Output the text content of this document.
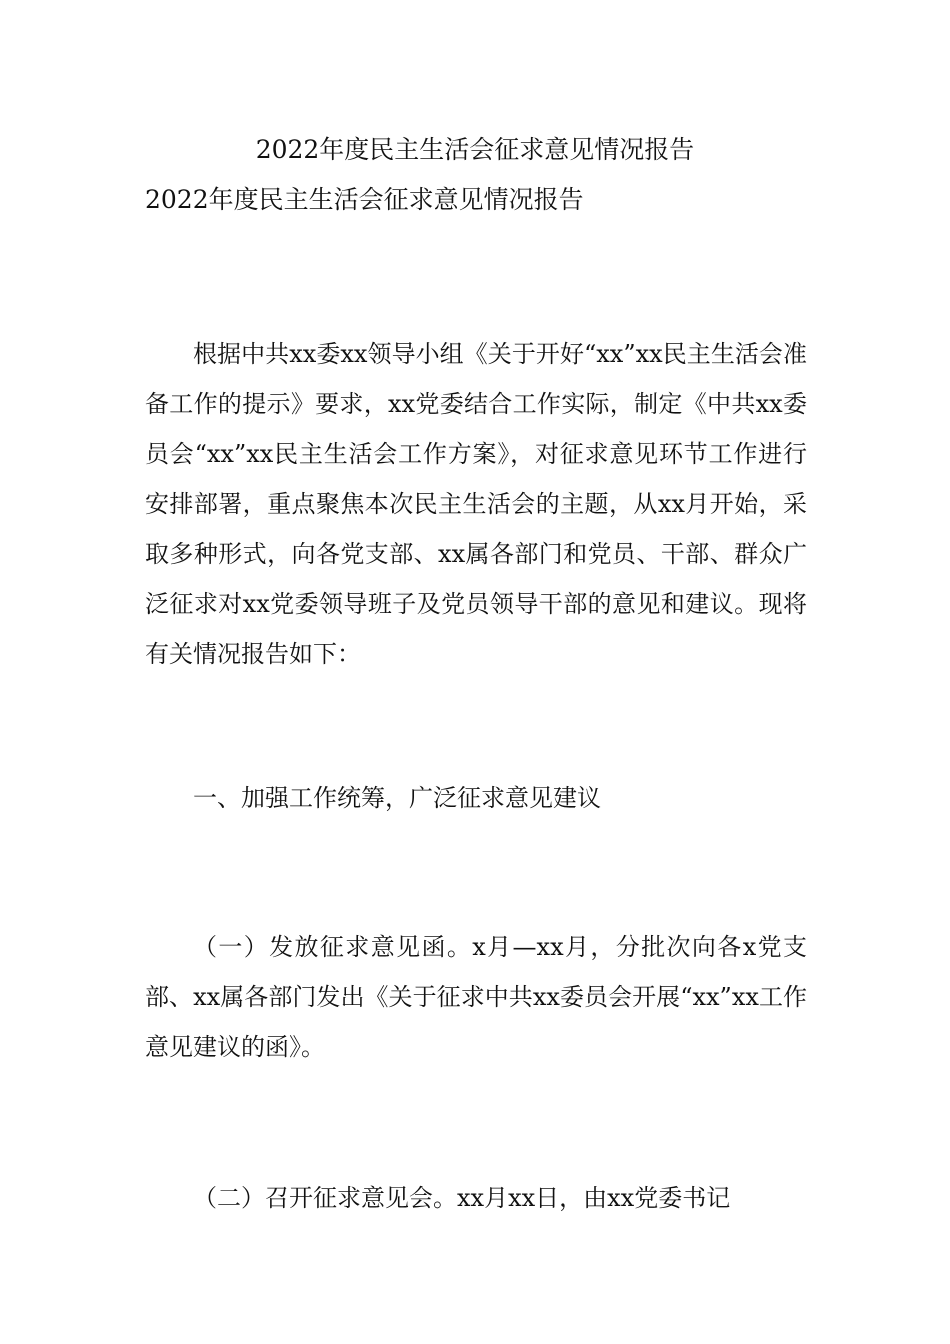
2022年度民主生活会征求意见情况报告
2022年度民主生活会征求意见情况报告

根据中共xx委xx领导小组《关于开好“xx”xx民主生活会准备工作的提示》要求，xx党委结合工作实际，制定《中共xx委员会“xx”xx民主生活会工作方案》，对征求意见环节工作进行安排部署，重点聚焦本次民主生活会的主题，从xx月开始，采取多种形式，向各党支部、xx属各部门和党员、干部、群众广泛征求对xx党委领导班子及党员领导干部的意见和建议。现将有关情况报告如下：

一、加强工作统筹，广泛征求意见建议

（一）发放征求意见函。x月—xx月，分批次向各x党支部、xx属各部门发出《关于征求中共xx委员会开展“xx”xx工作意见建议的函》。

（二）召开征求意见会。xx月xx日，由xx党委书记
